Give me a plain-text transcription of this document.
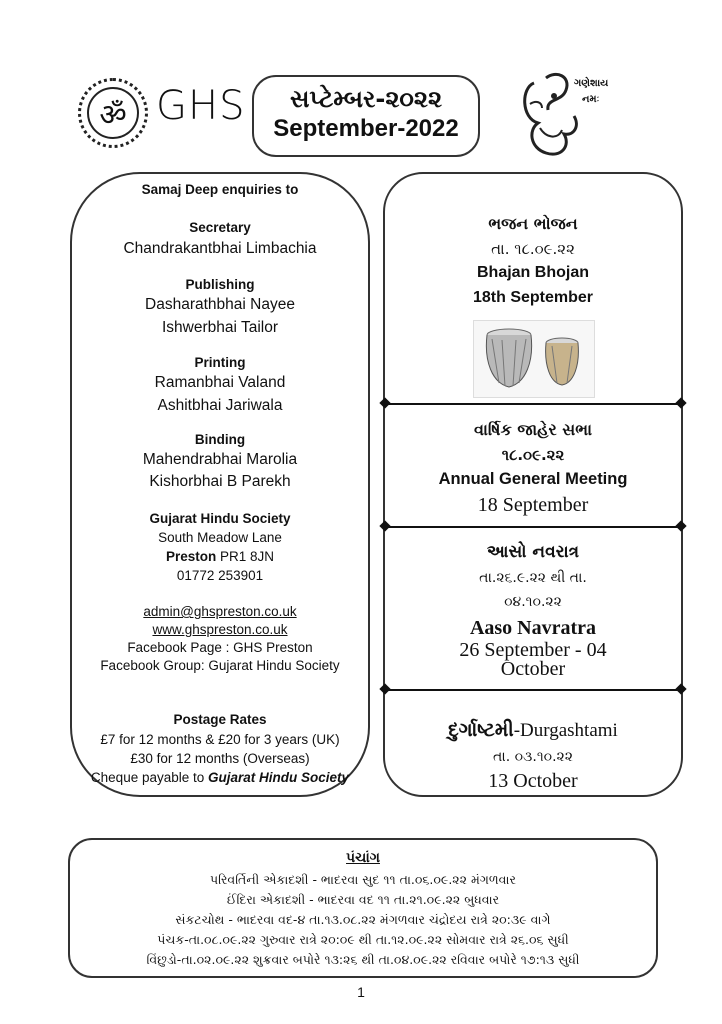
ॐ GHS	સપ્ટેમ્બર-૨૦૨૨
September-2022
ગણેશાય
નમઃ
Samaj Deep enquiries to
Secretary
Chandrakantbhai Limbachia
Publishing
Dasharathbhai Nayee
Ishwerbhai Tailor
Printing
Ramanbhai Valand
Ashitbhai Jariwala
Binding
Mahendrabhai Marolia
Kishorbhai B Parekh
Gujarat Hindu Society
South Meadow Lane
Preston PR1 8JN
01772 253901
admin@ghspreston.co.uk
www.ghspreston.co.uk
Facebook Page : GHS Preston
Facebook Group: Gujarat Hindu Society
Postage Rates
£7 for 12 months & £20 for 3 years (UK)
£30 for 12 months (Overseas)
Cheque payable to Gujarat Hindu Society
ભજન ભોજન
તા. ૧૮.૦૯.૨૨
Bhajan Bhojan
18th September
વાર્ષિક જાહેર સભા
૧૮.૦૯.૨૨
Annual General Meeting
18 September
આસો નવરાત્ર
તા.૨૬.૯.૨૨ થી તા.
૦૪.૧૦.૨૨
Aaso Navratra
26 September - 04
October
દુર્ગાષ્ટમી-Durgashtami
તા. ૦૩.૧૦.૨૨
13 October
પંચાંગ
પરિવર્તિની એકાદશી - ભાદરવા સુદ ૧૧ તા.૦૬.૦૯.૨૨ મંગળવાર
ઈંદિરા એકાદશી - ભાદરવા વદ ૧૧ તા.૨૧.૦૯.૨૨ બુધવાર
સંકટચોથ - ભાદરવા વદ-૪ તા.૧૩.૦૮.૨૨ મંગળવાર ચંદ્રોદય રાત્રે ૨૦:૩૯ વાગે
પંચક-તા.૦૮.૦૯.૨૨ ગુરુવાર રાત્રે ૨૦:૦૯ થી તા.૧૨.૦૯.૨૨ સોમવાર રાત્રે ૨૬.૦૬ સુધી
વિંછુડો-તા.૦૨.૦૯.૨૨ શુક્રવાર બપોરે ૧૩:૨૬ થી તા.૦૪.૦૯.૨૨ રવિવાર બપોરે ૧૭:૧૩ સુધી
1
